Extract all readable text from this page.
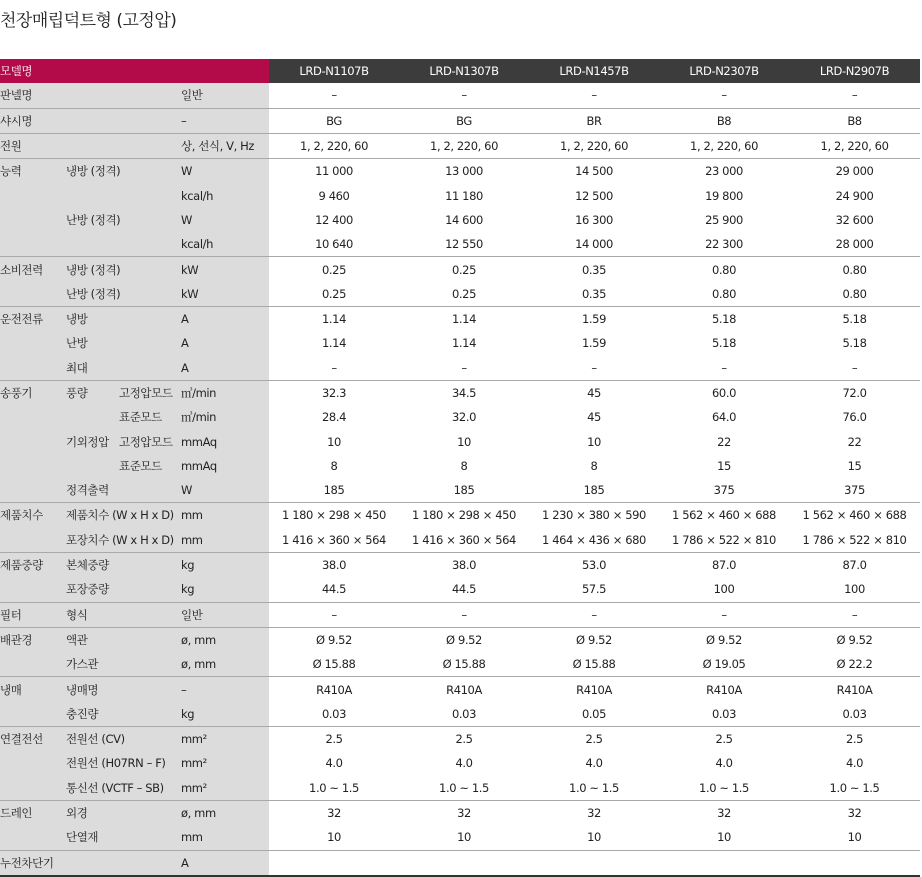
천장매립덕트형 (고정압)
모델명				LRD-N1107B	LRD-N1307B	LRD-N1457B	LRD-N2307B	LRD-N2907B
판넬명			일반	–	–	–	–	–
샤시명			–	BG	BG	BR	B8	B8
전원			상, 선식, V, Hz	1, 2, 220, 60	1, 2, 220, 60	1, 2, 220, 60	1, 2, 220, 60	1, 2, 220, 60
능력	냉방 (정격)		W	11 000	13 000	14 500	23 000	29 000
			kcal/h	9 460	11 180	12 500	19 800	24 900
	난방 (정격)		W	12 400	14 600	16 300	25 900	32 600
			kcal/h	10 640	12 550	14 000	22 300	28 000
소비전력	냉방 (정격)		kW	0.25	0.25	0.35	0.80	0.80
	난방 (정격)		kW	0.25	0.25	0.35	0.80	0.80
운전전류	냉방		A	1.14	1.14	1.59	5.18	5.18
	난방		A	1.14	1.14	1.59	5.18	5.18
	최대		A	–	–	–	–	–
송풍기	풍량	고정압모드	㎥/min	32.3	34.5	45	60.0	72.0
		표준모드	㎥/min	28.4	32.0	45	64.0	76.0
	기외정압	고정압모드	mmAq	10	10	10	22	22
		표준모드	mmAq	8	8	8	15	15
	정격출력		W	185	185	185	375	375
제품치수	제품치수 (W x H x D)		mm	1 180 × 298 × 450	1 180 × 298 × 450	1 230 × 380 × 590	1 562 × 460 × 688	1 562 × 460 × 688
	포장치수 (W x H x D)		mm	1 416 × 360 × 564	1 416 × 360 × 564	1 464 × 436 × 680	1 786 × 522 × 810	1 786 × 522 × 810
제품중량	본체중량		kg	38.0	38.0	53.0	87.0	87.0
	포장중량		kg	44.5	44.5	57.5	100	100
필터	형식		일반	–	–	–	–	–
배관경	액관		ø, mm	Ø 9.52	Ø 9.52	Ø 9.52	Ø 9.52	Ø 9.52
	가스관		ø, mm	Ø 15.88	Ø 15.88	Ø 15.88	Ø 19.05	Ø 22.2
냉매	냉매명		–	R410A	R410A	R410A	R410A	R410A
	충진량		kg	0.03	0.03	0.05	0.03	0.03
연결전선	전원선 (CV)		mm²	2.5	2.5	2.5	2.5	2.5
	전원선 (H07RN – F)		mm²	4.0	4.0	4.0	4.0	4.0
	통신선 (VCTF – SB)		mm²	1.0 ~ 1.5	1.0 ~ 1.5	1.0 ~ 1.5	1.0 ~ 1.5	1.0 ~ 1.5
드레인	외경		ø, mm	32	32	32	32	32
	단열재		mm	10	10	10	10	10
누전차단기			A					
